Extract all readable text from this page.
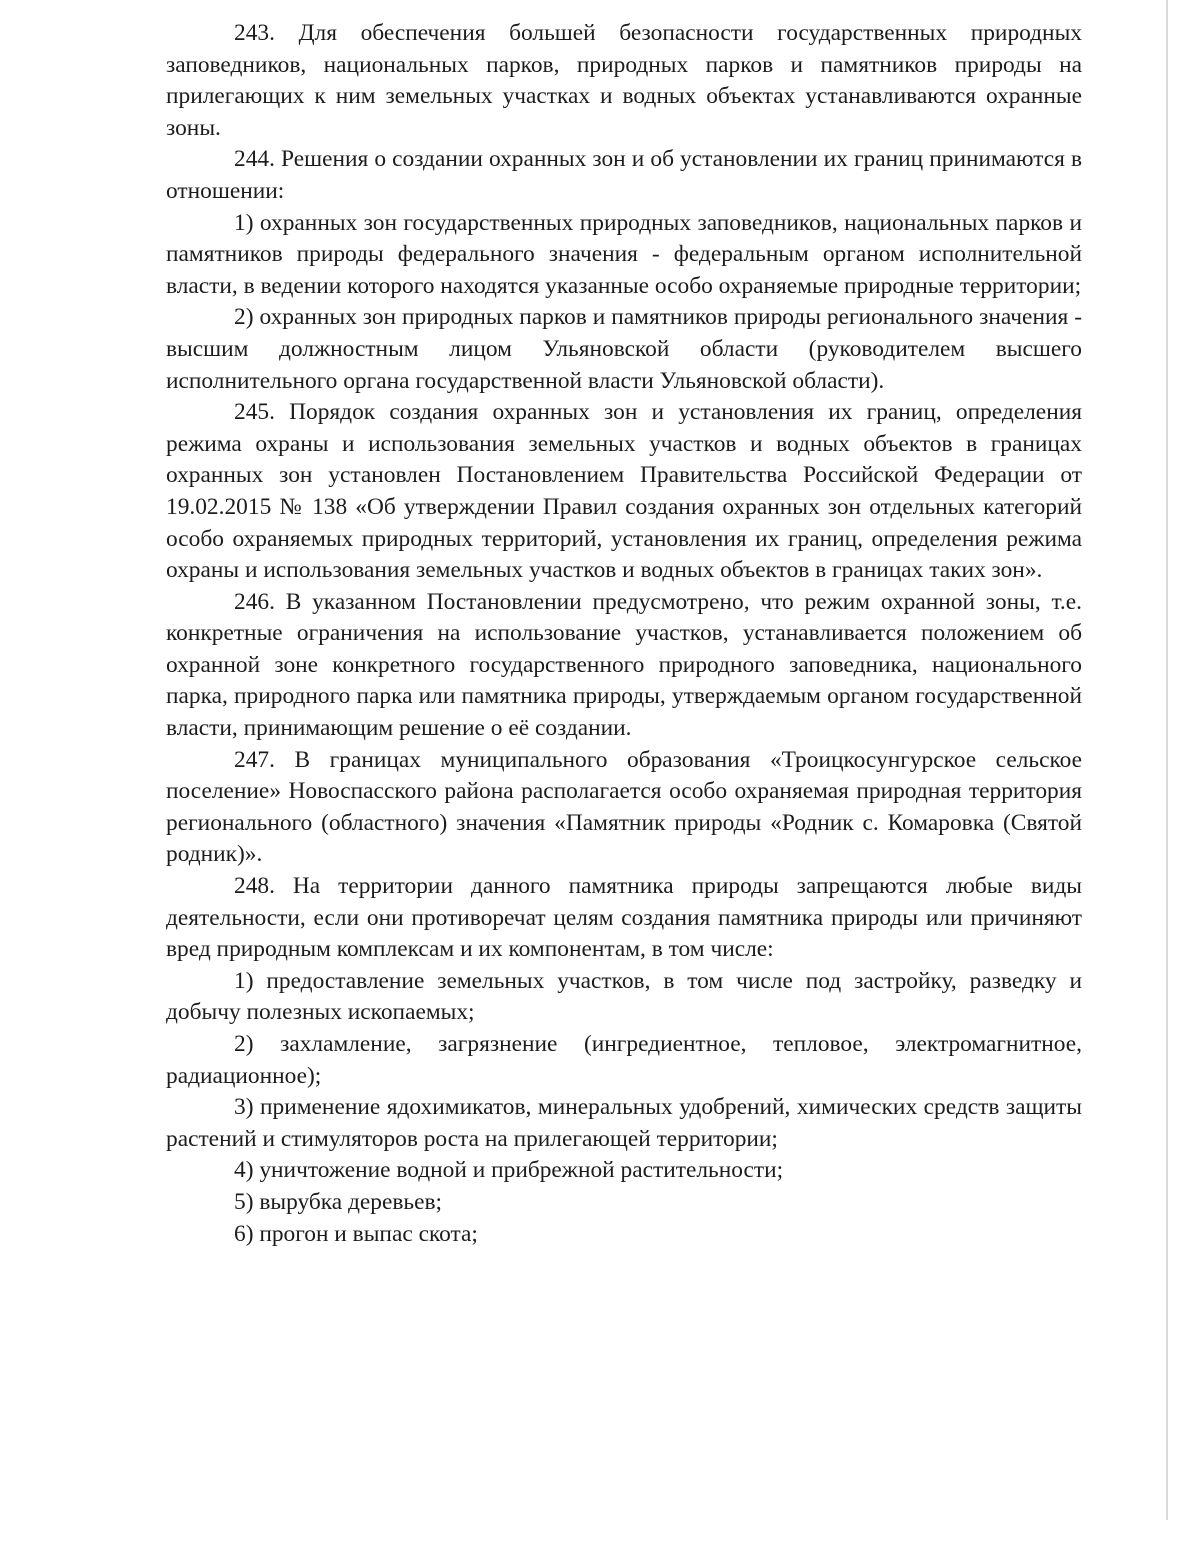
243. Для обеспечения большей безопасности государственных природных заповедников, национальных парков, природных парков и памятников природы на прилегающих к ним земельных участках и водных объектах устанавливаются охранные зоны.

244. Решения о создании охранных зон и об установлении их границ принимаются в отношении:

1) охранных зон государственных природных заповедников, национальных парков и памятников природы федерального значения - федеральным органом исполнительной власти, в ведении которого находятся указанные особо охраняемые природные территории;

2) охранных зон природных парков и памятников природы регионального значения - высшим должностным лицом Ульяновской области (руководителем высшего исполнительного органа государственной власти Ульяновской области).

245. Порядок создания охранных зон и установления их границ, определения режима охраны и использования земельных участков и водных объектов в границах охранных зон установлен Постановлением Правительства Российской Федерации от 19.02.2015 № 138 «Об утверждении Правил создания охранных зон отдельных категорий особо охраняемых природных территорий, установления их границ, определения режима охраны и использования земельных участков и водных объектов в границах таких зон».

246. В указанном Постановлении предусмотрено, что режим охранной зоны, т.е. конкретные ограничения на использование участков, устанавливается положением об охранной зоне конкретного государственного природного заповедника, национального парка, природного парка или памятника природы, утверждаемым органом государственной власти, принимающим решение о её создании.

247. В границах муниципального образования «Троицкосунгурское сельское поселение» Новоспасского района располагается особо охраняемая природная территория регионального (областного) значения «Памятник природы «Родник с. Комаровка (Святой родник)».

248. На территории данного памятника природы запрещаются любые виды деятельности, если они противоречат целям создания памятника природы или причиняют вред природным комплексам и их компонентам, в том числе:

1) предоставление земельных участков, в том числе под застройку, разведку и добычу полезных ископаемых;

2) захламление, загрязнение (ингредиентное, тепловое, электромагнитное, радиационное);

3) применение ядохимикатов, минеральных удобрений, химических средств защиты растений и стимуляторов роста на прилегающей территории;

4) уничтожение водной и прибрежной растительности;

5) вырубка деревьев;

6) прогон и выпас скота;
